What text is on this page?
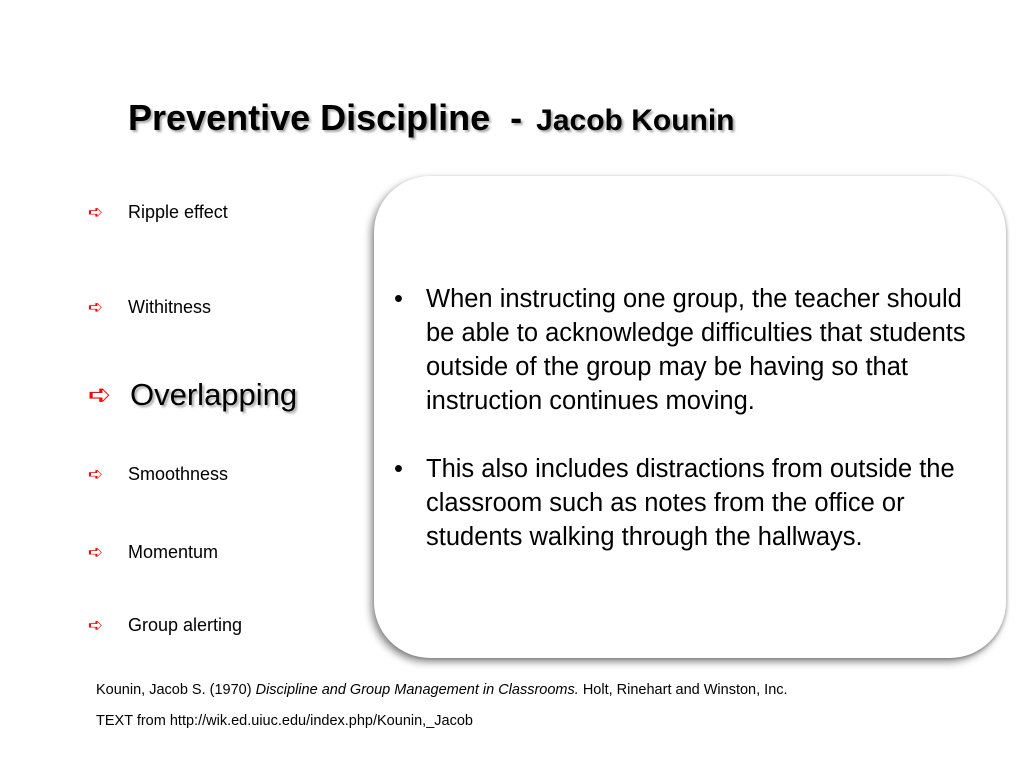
Preventive Discipline - Jacob Kounin
➪	Ripple effect
➪	Withitness
➪ Overlapping
➪	Smoothness
➪	Momentum
➪	Group alerting
• When instructing one group, the teacher should be able to acknowledge difficulties that students outside of the group may be having so that instruction continues moving.
• This also includes distractions from outside the classroom such as notes from the office or students walking through the hallways.
Kounin, Jacob S. (1970) Discipline and Group Management in Classrooms. Holt, Rinehart and Winston, Inc.
TEXT from http://wik.ed.uiuc.edu/index.php/Kounin,_Jacob
